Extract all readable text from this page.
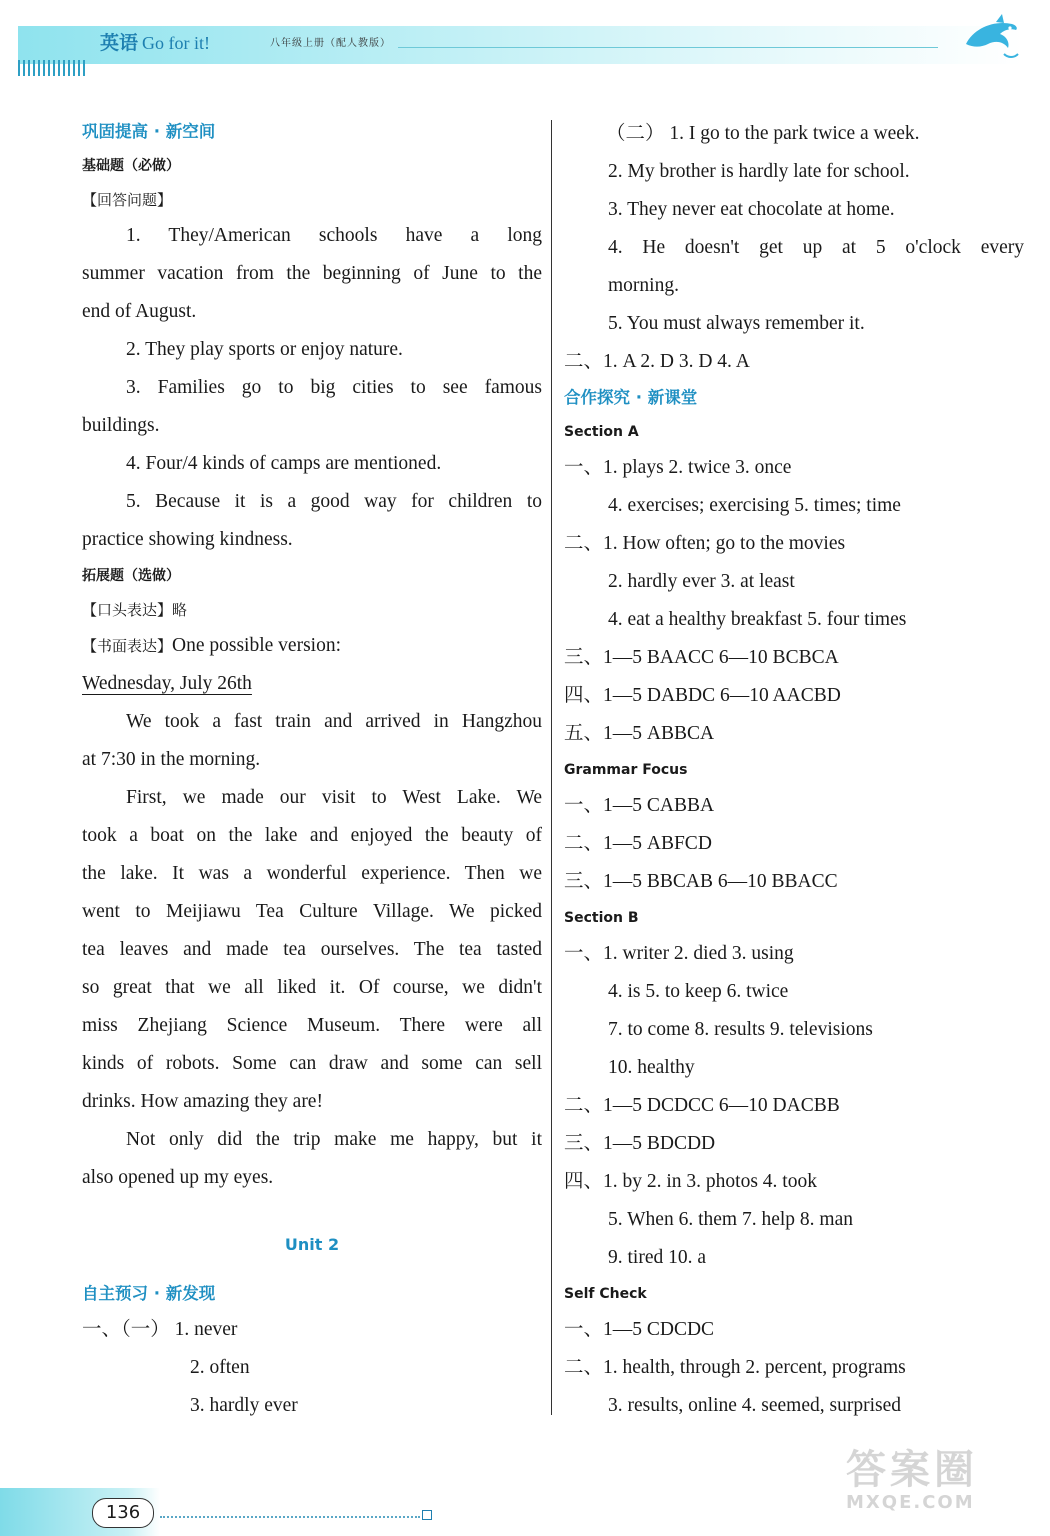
英语 Go for it!	八年级上册（配人教版）
巩固提高 · 新空间
基础题（必做）
【回答问题】
1. They/American schools have a long
summer vacation from the beginning of June to the
end of August.
2. They play sports or enjoy nature.
3. Families go to big cities to see famous
buildings.
4. Four/4 kinds of camps are mentioned.
5. Because it is a good way for children to
practice showing kindness.
拓展题（选做）
【口头表达】略
【书面表达】One possible version:
Wednesday, July 26th
We took a fast train and arrived in Hangzhou
at 7:30 in the morning.
First, we made our visit to West Lake. We
took a boat on the lake and enjoyed the beauty of
the lake. It was a wonderful experience. Then we
went to Meijiawu Tea Culture Village. We picked
tea leaves and made tea ourselves. The tea tasted
so great that we all liked it. Of course, we didn't
miss Zhejiang Science Museum. There were all
kinds of robots. Some can draw and some can sell
drinks. How amazing they are!
Not only did the trip make me happy, but it
also opened up my eyes.
Unit 2
自主预习 · 新发现
一、（一） 1. never
2. often
3. hardly ever
（二） 1. I go to the park twice a week.
2. My brother is hardly late for school.
3. They never eat chocolate at home.
4. He doesn't get up at 5 o'clock every
morning.
5. You must always remember it.
二、1. A 2. D 3. D 4. A
合作探究 · 新课堂
Section A
一、1. plays 2. twice 3. once
4. exercises; exercising 5. times; time
二、1. How often; go to the movies
2. hardly ever 3. at least
4. eat a healthy breakfast 5. four times
三、1—5 BAACC 6—10 BCBCA
四、1—5 DABDC 6—10 AACBD
五、1—5 ABBCA
Grammar Focus
一、1—5 CABBA
二、1—5 ABFCD
三、1—5 BBCAB 6—10 BBACC
Section B
一、1. writer 2. died 3. using
4. is 5. to keep 6. twice
7. to come 8. results 9. televisions
10. healthy
二、1—5 DCDCC 6—10 DACBB
三、1—5 BDCDD
四、1. by 2. in 3. photos 4. took
5. When 6. them 7. help 8. man
9. tired 10. a
Self Check
一、1—5 CDCDC
二、1. health, through 2. percent, programs
3. results, online 4. seemed, surprised
136
答案圈
MXQE.COM
